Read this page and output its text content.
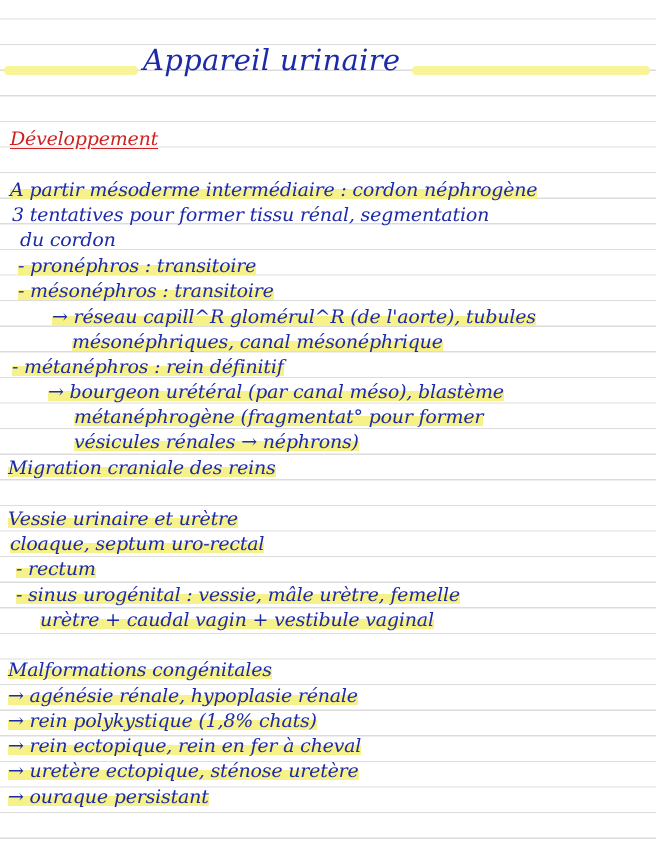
Appareil urinaire
Développement
A partir mésoderme intermédiaire : cordon néphrogène
3 tentatives pour former tissu rénal, segmentation
du cordon
- pronéphros : transitoire
- mésonéphros : transitoire
→ réseau capill^R glomérul^R (de l'aorte), tubules
mésonéphriques, canal mésonéphrique
- métanéphros : rein définitif
→ bourgeon urétéral (par canal méso), blastème
métanéphrogène (fragmentat° pour former
vésicules rénales → néphrons)
Migration craniale des reins
Vessie urinaire et urètre
cloaque, septum uro-rectal
- rectum
- sinus urogénital : vessie, mâle urètre, femelle
urètre + caudal vagin + vestibule vaginal
Malformations congénitales
→ agénésie rénale, hypoplasie rénale
→ rein polykystique (1,8% chats)
→ rein ectopique, rein en fer à cheval
→ uretère ectopique, sténose uretère
→ ouraque persistant
